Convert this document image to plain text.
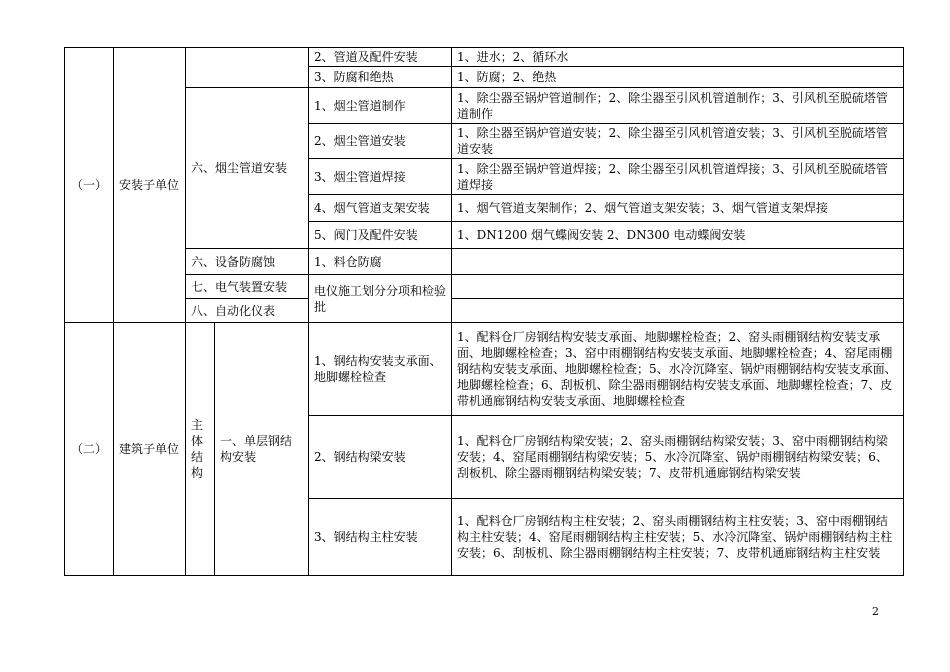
（一）	安装子单位			2、管道及配件安装	1、进水；2、循环水
				3、防腐和绝热	1、防腐；2、绝热
		六、烟尘管道安装		1、烟尘管道制作	1、除尘器至锅炉管道制作；2、除尘器至引风机管道制作；3、引风机至脱硫塔管道制作
				2、烟尘管道安装	1、除尘器至锅炉管道安装；2、除尘器至引风机管道安装；3、引风机至脱硫塔管道安装
				3、烟尘管道焊接	1、除尘器至锅炉管道焊接；2、除尘器至引风机管道焊接；3、引风机至脱硫塔管道焊接
				4、烟气管道支架安装	1、烟气管道支架制作；2、烟气管道支架安装；3、烟气管道支架焊接
				5、阀门及配件安装	1、DN1200 烟气蝶阀安装 2、DN300 电动蝶阀安装
		六、设备防腐蚀		1、料仓防腐	
		七、电气装置安装		电仪施工划分分项和检验批	
		八、自动化仪表			
（二）	建筑子单位	主体结构	一、单层钢结构安装	1、钢结构安装支承面、地脚螺栓检查	1、配料仓厂房钢结构安装支承面、地脚螺栓检查；2、窑头雨棚钢结构安装支承面、地脚螺栓检查；3、窑中雨棚钢结构安装支承面、地脚螺栓检查；4、窑尾雨棚钢结构安装支承面、地脚螺栓检查；5、水冷沉降室、锅炉雨棚钢结构安装支承面、地脚螺栓检查；6、刮板机、除尘器雨棚钢结构安装支承面、地脚螺栓检查；7、皮带机通廊钢结构安装支承面、地脚螺栓检查
				2、钢结构梁安装	1、配料仓厂房钢结构梁安装；2、窑头雨棚钢结构梁安装；3、窑中雨棚钢结构梁安装；4、窑尾雨棚钢结构梁安装；5、水冷沉降室、锅炉雨棚钢结构梁安装；6、刮板机、除尘器雨棚钢结构梁安装；7、皮带机通廊钢结构梁安装
				3、钢结构主柱安装	1、配料仓厂房钢结构主柱安装；2、窑头雨棚钢结构主柱安装；3、窑中雨棚钢结构主柱安装；4、窑尾雨棚钢结构主柱安装；5、水冷沉降室、锅炉雨棚钢结构主柱安装；6、刮板机、除尘器雨棚钢结构主柱安装；7、皮带机通廊钢结构主柱安装
2
